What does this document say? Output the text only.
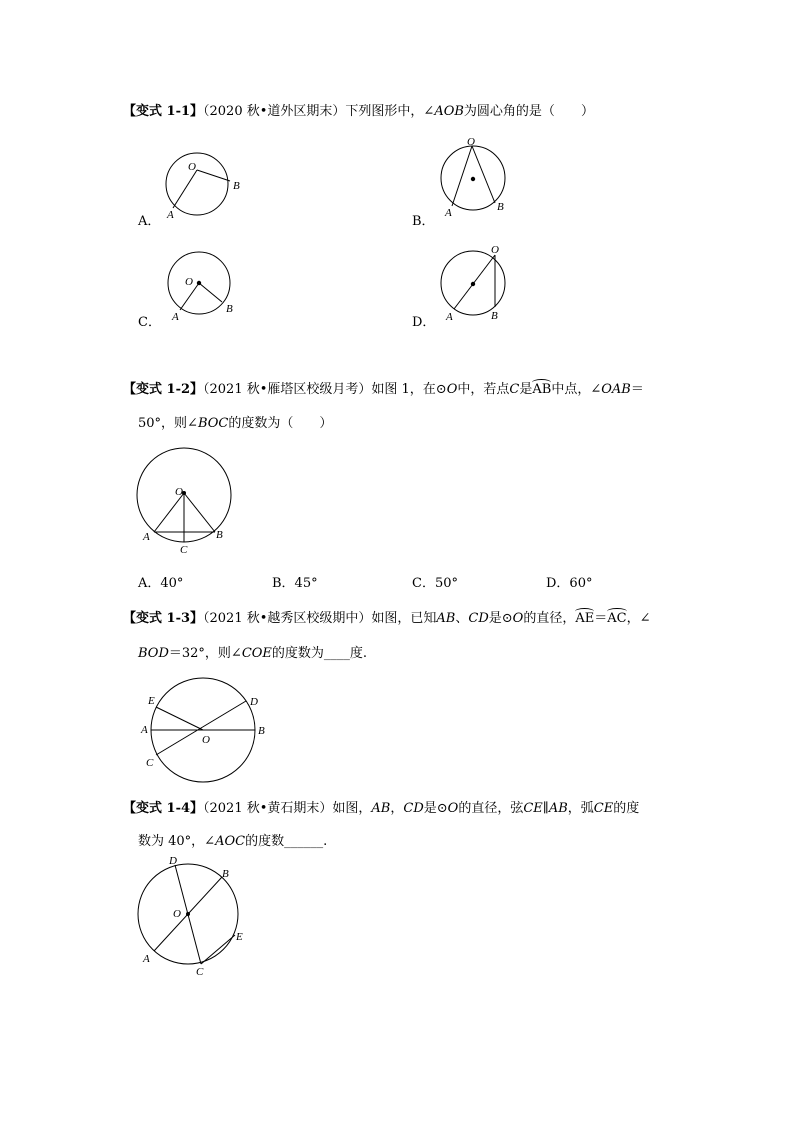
【变式 1-1】（2020 秋•道外区期末）下列图形中，∠AOB为圆心角的是（　　 ）
A．
O
B
A	B．
O
A	B
C．
O
A
B
D．
O
A	B
【变式 1-2】（2021 秋•雁塔区校级月考）如图 1，在⊙O中，若点C是AB中点，∠OAB＝
50°，则∠BOC的度数为（　　）
O
A	B
C
A．40°	B．45°	C．50°	D．60°
【变式 1-3】（2021 秋•越秀区校级期中）如图，已知AB、CD是⊙O的直径，AE＝AC，∠
BOD＝32°，则∠COE的度数为____度.
E	D
A	B
O
C
【变式 1-4】（2021 秋•黄石期末）如图，AB，CD是⊙O的直径，弦CE∥AB，弧CE的度
数为 40°，∠AOC的度数______.
D
B
O
E
A
C
